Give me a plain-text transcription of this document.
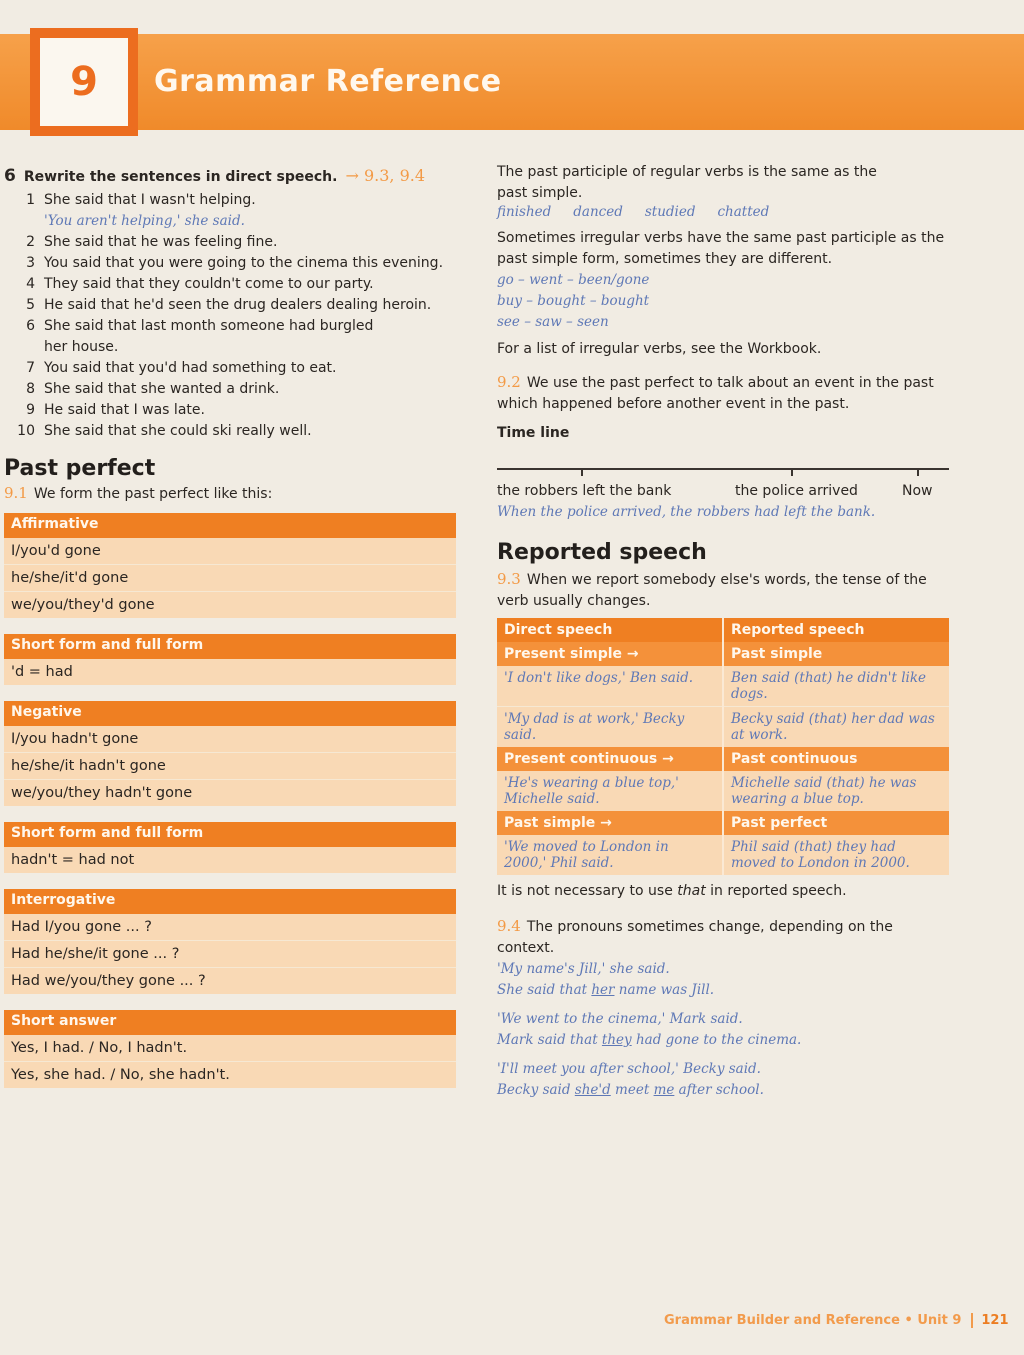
9	Grammar Reference
6 Rewrite the sentences in direct speech. → 9.3, 9.4
1 She said that I wasn't helping.
'You aren't helping,' she said.
2 She said that he was feeling fine.
3 You said that you were going to the cinema this evening.
4 They said that they couldn't come to our party.
5 He said that he'd seen the drug dealers dealing heroin.
6 She said that last month someone had burgled
her house.
7 You said that you'd had something to eat.
8 She said that she wanted a drink.
9 He said that I was late.
10 She said that she could ski really well.
Past perfect

9.1 We form the past perfect like this:

Affirmative
I/you'd gone
he/she/it'd gone
we/you/they'd gone
Short form and full form
'd = had
Negative
I/you hadn't gone
he/she/it hadn't gone
we/you/they hadn't gone
Short form and full form
hadn't = had not
Interrogative
Had I/you gone ... ?
Had he/she/it gone ... ?
Had we/you/they gone ... ?
Short answer
Yes, I had. / No, I hadn't.
Yes, she had. / No, she hadn't.

The past participle of regular verbs is the same as the past simple.

finished danced studied chatted

Sometimes irregular verbs have the same past participle as the past simple form, sometimes they are different.

go – went – been/gone
buy – bought – bought
see – saw – seen

For a list of irregular verbs, see the Workbook.

9.2 We use the past perfect to talk about an event in the past which happened before another event in the past.

Time line

the robbers left the bank	the police arrived	Now
When the police arrived, the robbers had left the bank.
Reported speech

9.3 When we report somebody else's words, the tense of the verb usually changes.

Direct speech	Reported speech
Present simple →	Past simple
'I don't like dogs,' Ben said.	Ben said (that) he didn't like dogs.
'My dad is at work,' Becky said.	Becky said (that) her dad was at work.
Present continuous →	Past continuous
'He's wearing a blue top,' Michelle said.	Michelle said (that) he was wearing a blue top.
Past simple →	Past perfect
'We moved to London in 2000,' Phil said.	Phil said (that) they had moved to London in 2000.

It is not necessary to use that in reported speech.

9.4 The pronouns sometimes change, depending on the context.

'My name's Jill,' she said.
She said that her name was Jill.
'We went to the cinema,' Mark said.
Mark said that they had gone to the cinema.
'I'll meet you after school,' Becky said.
Becky said she'd meet me after school.
Grammar Builder and Reference • Unit 9	121
